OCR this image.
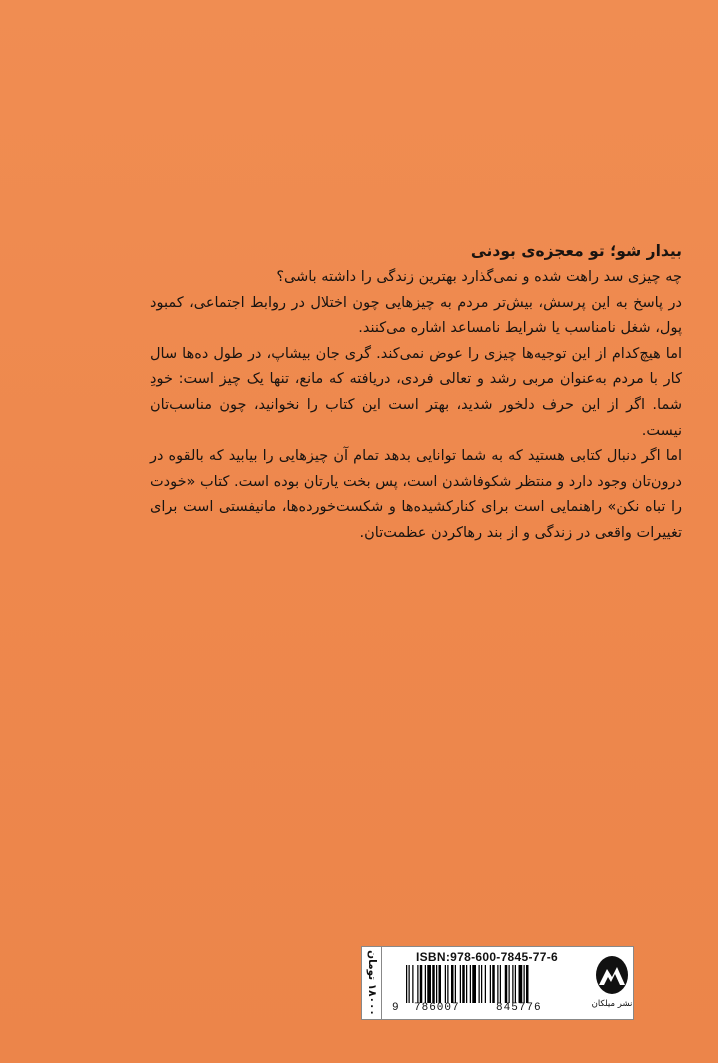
بیدار شو؛ تو معجزه‌ی بودنی

چه چیزی سد راهت شده و نمی‌گذارد بهترین زندگی را داشته باشی؟

در پاسخ به این پرسش، بیش‌تر مردم به چیزهایی چون اختلال در روابط اجتماعی، کمبود پول، شغل نامناسب یا شرایط نامساعد اشاره می‌کنند.

اما هیچ‌کدام از این توجیه‌ها چیزی را عوض نمی‌کند. گری جان بیشاپ، در طول ده‌ها سال کار با مردم به‌عنوان مربی رشد و تعالی فردی، دریافته که مانع، تنها یک چیز است: خودِ شما. اگر از این حرف دلخور شدید، بهتر است این کتاب را نخوانید، چون مناسب‌تان نیست.

اما اگر دنبال کتابی هستید که به شما توانایی بدهد تمام آن چیزهایی را بیابید که بالقوه در درون‌تان وجود دارد و منتظر شکوفاشدن است، پس بخت یارتان بوده است. کتاب «خودت را تباه نکن» راهنمایی است برای کنارکشیده‌ها و شکست‌خورده‌ها، مانیفستی است برای تغییرات واقعی در زندگی و از بند رهاکردن عظمت‌تان.

۱۸۰۰۰ تومان
ISBN:978-600-7845-77-6
9 786007	845776	نشر میلکان
